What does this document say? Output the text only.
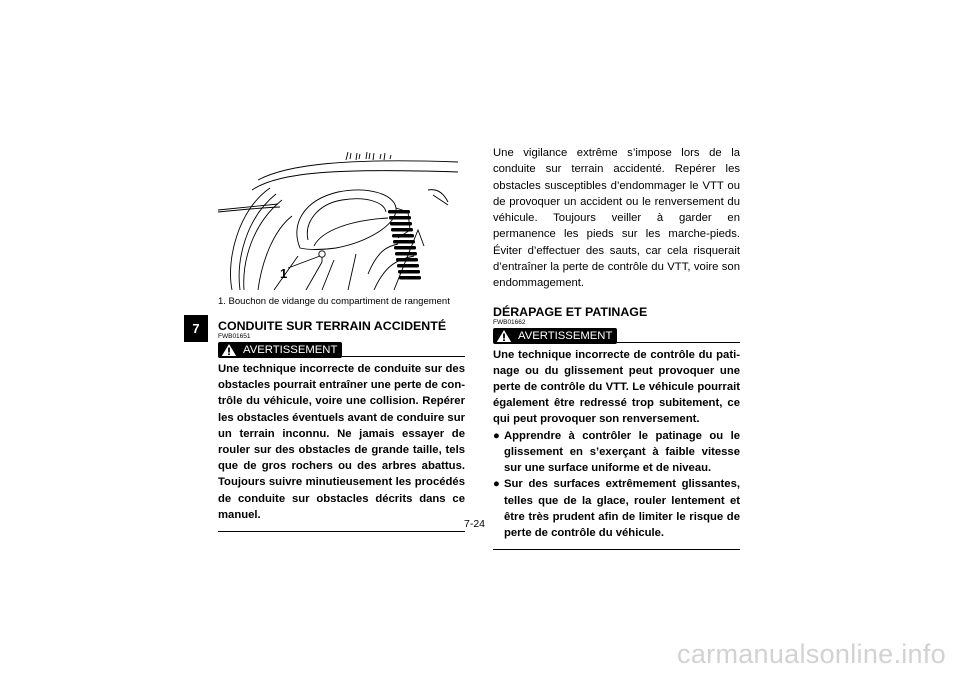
7
1
1. Bouchon de vidange du compartiment de rangement
CONDUITE SUR TERRAIN ACCIDENTÉ
FWB01651
AVERTISSEMENT

Une technique incorrecte de conduite sur des obstacles pourrait entraîner une perte de contrôle du véhicule, voire une collision. Repérer les obstacles éventuels avant de conduire sur un terrain inconnu. Ne jamais essayer de rouler sur des obstacles de grande taille, tels que de gros rochers ou des arbres abattus. Toujours suivre minutieusement les procédés de conduite sur obstacles décrits dans ce manuel.

Une vigilance extrême s’impose lors de la conduite sur terrain accidenté. Repérer les obstacles susceptibles d’endommager le VTT ou de provoquer un accident ou le renversement du véhicule. Toujours veiller à garder en permanence les pieds sur les marche-pieds. Éviter d’effectuer des sauts, car cela risquerait d’entraîner la perte de contrôle du VTT, voire son endommagement.

DÉRAPAGE ET PATINAGE
FWB01662
AVERTISSEMENT

Une technique incorrecte de contrôle du patinage ou du glissement peut provoquer une perte de contrôle du VTT. Le véhicule pourrait également être redressé trop subitement, ce qui peut provoquer son renversement.

● Apprendre à contrôler le patinage ou le glissement en s’exerçant à faible vitesse sur une surface uniforme et de niveau.
● Sur des surfaces extrêmement glissantes, telles que de la glace, rouler lentement et être très prudent afin de limiter le risque de perte de contrôle du véhicule.
7-24
carmanualsonline.info
